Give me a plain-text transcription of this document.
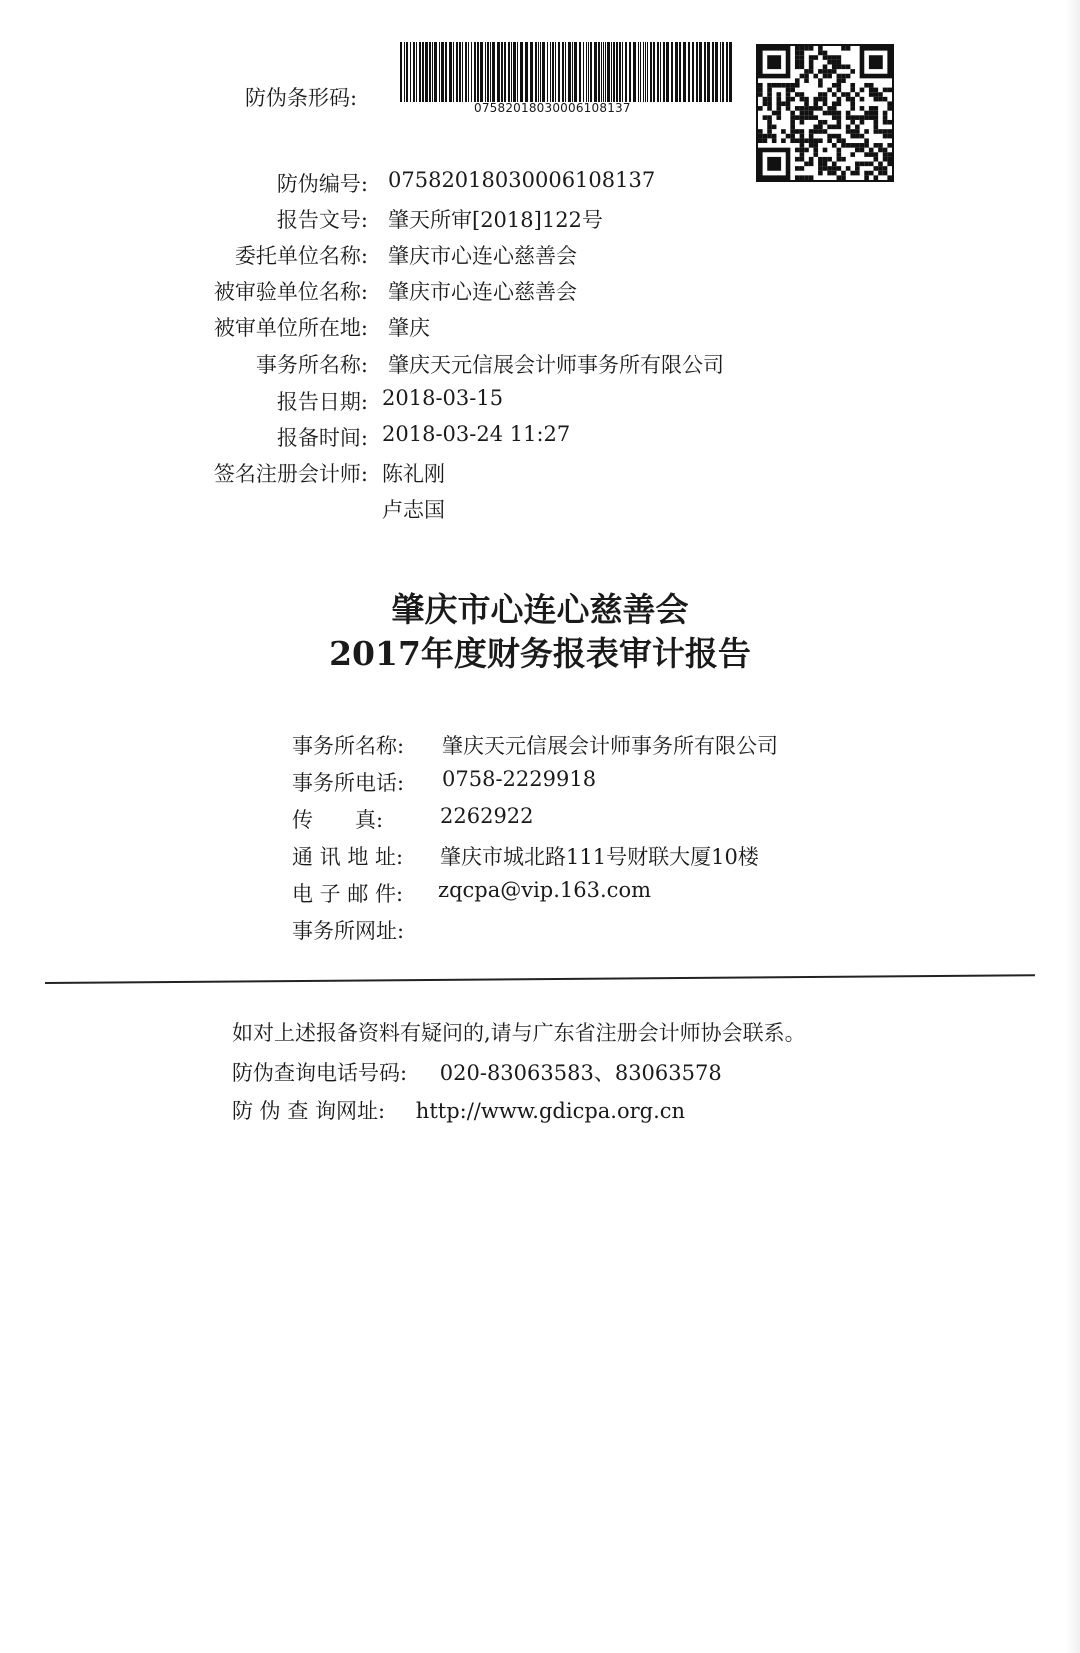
防伪条形码:	07582018030006108137
防伪编号: 07582018030006108137
报告文号: 肇天所审[2018]122号
委托单位名称: 肇庆市心连心慈善会
被审验单位名称: 肇庆市心连心慈善会
被审单位所在地: 肇庆
事务所名称: 肇庆天元信展会计师事务所有限公司
报告日期: 2018-03-15
报备时间: 2018-03-24 11:27
签名注册会计师: 陈礼刚
卢志国
肇庆市心连心慈善会
2017年度财务报表审计报告
事务所名称: 肇庆天元信展会计师事务所有限公司
事务所电话: 0758-2229918
传　　真:	2262922
通 讯 地 址: 肇庆市城北路111号财联大厦10楼
电 子 邮 件: zqcpa@vip.163.com
事务所网址:
如对上述报备资料有疑问的,请与广东省注册会计师协会联系。
防伪查询电话号码: 020-83063583、83063578
防 伪 查 询网址: http://www.gdicpa.org.cn
